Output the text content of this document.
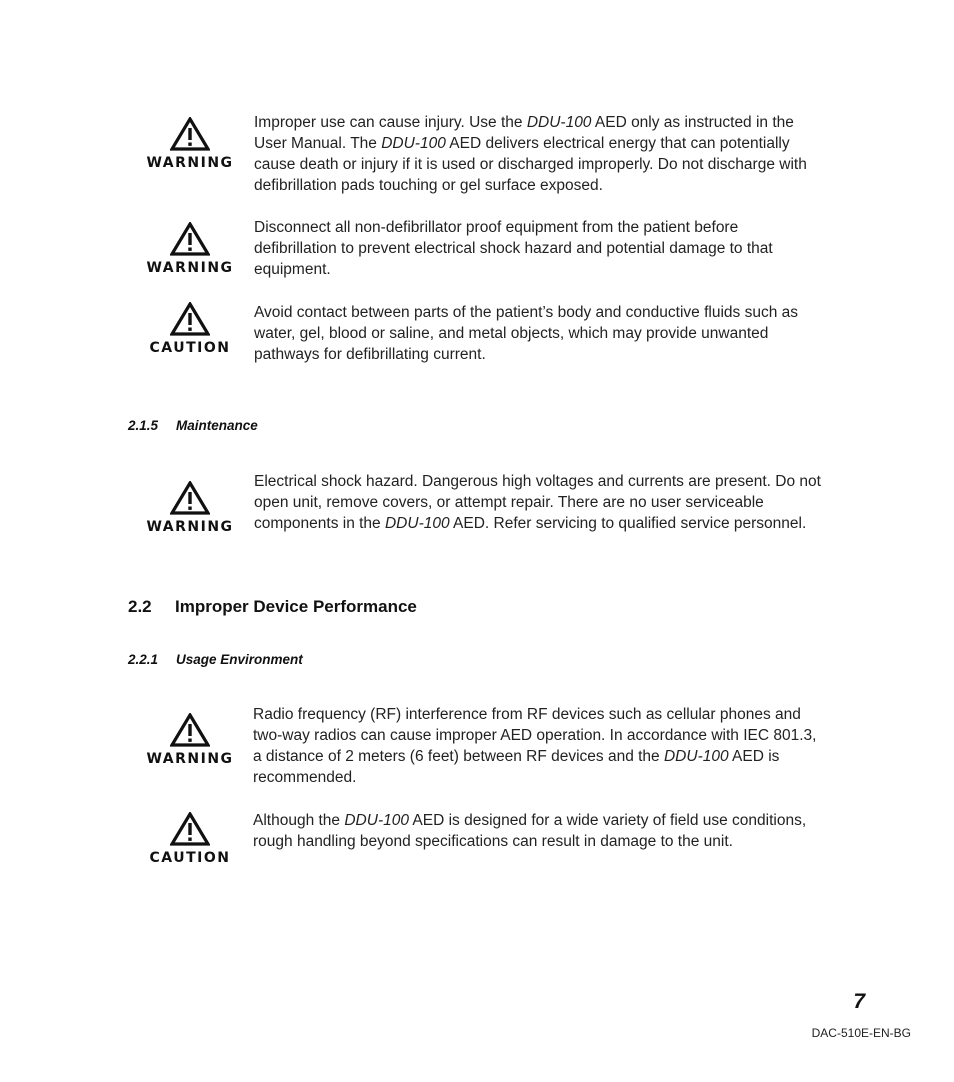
WARNING
Improper use can cause injury. Use the DDU-100 AED only as instructed in the User Manual. The DDU-100 AED delivers electrical energy that can potentially cause death or injury if it is used or discharged improperly. Do not discharge with defibrillation pads touching or gel surface exposed.
WARNING
Disconnect all non-defibrillator proof equipment from the patient before defibrillation to prevent electrical shock hazard and potential damage to that equipment.
CAUTION
Avoid contact between parts of the patient’s body and conductive fluids such as water, gel, blood or saline, and metal objects, which may provide unwanted pathways for defibrillating current.
2.1.5 Maintenance
WARNING
Electrical shock hazard. Dangerous high voltages and currents are present. Do not open unit, remove covers, or attempt repair. There are no user serviceable components in the DDU-100 AED. Refer servicing to qualified service personnel.
2.2 Improper Device Performance
2.2.1 Usage Environment
WARNING
Radio frequency (RF) interference from RF devices such as cellular phones and two-way radios can cause improper AED operation. In accordance with IEC 801.3, a distance of 2 meters (6 feet) between RF devices and the DDU-100 AED is recommended.
CAUTION
Although the DDU-100 AED is designed for a wide variety of field use conditions, rough handling beyond specifications can result in damage to the unit.
7
DAC-510E-EN-BG
